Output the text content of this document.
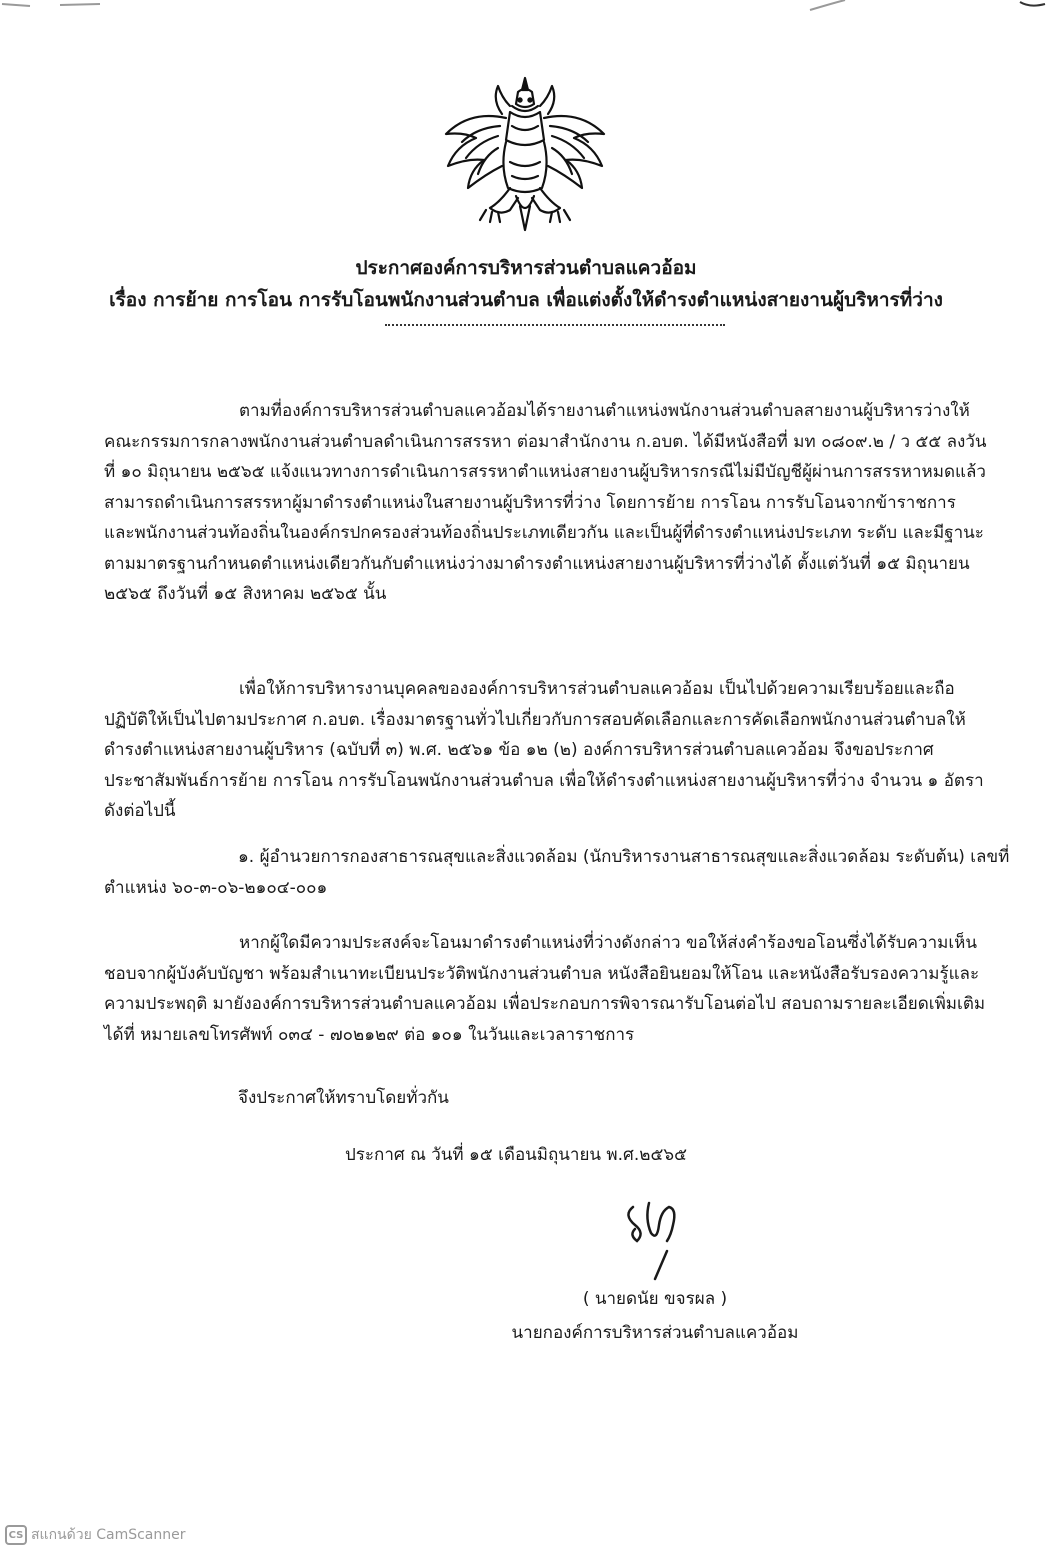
ประกาศองค์การบริหารส่วนตำบลแควอ้อม
เรื่อง การย้าย การโอน การรับโอนพนักงานส่วนตำบล เพื่อแต่งตั้งให้ดำรงตำแหน่งสายงานผู้บริหารที่ว่าง
ตามที่องค์การบริหารส่วนตำบลแควอ้อมได้รายงานตำแหน่งพนักงานส่วนตำบลสายงานผู้บริหารว่างให้คณะกรรมการกลางพนักงานส่วนตำบลดำเนินการสรรหา ต่อมาสำนักงาน ก.อบต. ได้มีหนังสือที่ มท ๐๘๐๙.๒ / ว ๕๕ ลงวันที่ ๑๐ มิถุนายน ๒๕๖๕ แจ้งแนวทางการดำเนินการสรรหาตำแหน่งสายงานผู้บริหารกรณีไม่มีบัญชีผู้ผ่านการสรรหาหมดแล้ว สามารถดำเนินการสรรหาผู้มาดำรงตำแหน่งในสายงานผู้บริหารที่ว่าง โดยการย้าย การโอน การรับโอนจากข้าราชการ และพนักงานส่วนท้องถิ่นในองค์กรปกครองส่วนท้องถิ่นประเภทเดียวกัน และเป็นผู้ที่ดำรงตำแหน่งประเภท ระดับ และมีฐานะตามมาตรฐานกำหนดตำแหน่งเดียวกันกับตำแหน่งว่างมาดำรงตำแหน่งสายงานผู้บริหารที่ว่างได้ ตั้งแต่วันที่ ๑๕ มิถุนายน ๒๕๖๕ ถึงวันที่ ๑๕ สิงหาคม ๒๕๖๕ นั้น
เพื่อให้การบริหารงานบุคคลขององค์การบริหารส่วนตำบลแควอ้อม เป็นไปด้วยความเรียบร้อยและถือปฏิบัติให้เป็นไปตามประกาศ ก.อบต. เรื่องมาตรฐานทั่วไปเกี่ยวกับการสอบคัดเลือกและการคัดเลือกพนักงานส่วนตำบลให้ดำรงตำแหน่งสายงานผู้บริหาร (ฉบับที่ ๓) พ.ศ. ๒๕๖๑ ข้อ ๑๒ (๒) องค์การบริหารส่วนตำบลแควอ้อม จึงขอประกาศประชาสัมพันธ์การย้าย การโอน การรับโอนพนักงานส่วนตำบล เพื่อให้ดำรงตำแหน่งสายงานผู้บริหารที่ว่าง จำนวน ๑ อัตรา ดังต่อไปนี้
๑. ผู้อำนวยการกองสาธารณสุขและสิ่งแวดล้อม (นักบริหารงานสาธารณสุขและสิ่งแวดล้อม ระดับต้น) เลขที่ตำแหน่ง ๖๐-๓-๐๖-๒๑๐๔-๐๐๑
หากผู้ใดมีความประสงค์จะโอนมาดำรงตำแหน่งที่ว่างดังกล่าว ขอให้ส่งคำร้องขอโอนซึ่งได้รับความเห็นชอบจากผู้บังคับบัญชา พร้อมสำเนาทะเบียนประวัติพนักงานส่วนตำบล หนังสือยินยอมให้โอน และหนังสือรับรองความรู้และความประพฤติ มายังองค์การบริหารส่วนตำบลแควอ้อม เพื่อประกอบการพิจารณารับโอนต่อไป สอบถามรายละเอียดเพิ่มเติมได้ที่ หมายเลขโทรศัพท์ ๐๓๔ - ๗๐๒๑๒๙ ต่อ ๑๐๑ ในวันและเวลาราชการ
จึงประกาศให้ทราบโดยทั่วกัน
ประกาศ ณ วันที่ ๑๕ เดือนมิถุนายน พ.ศ.๒๕๖๕
( นายดนัย ขจรผล )
นายกองค์การบริหารส่วนตำบลแควอ้อม
CS สแกนด้วย CamScanner
